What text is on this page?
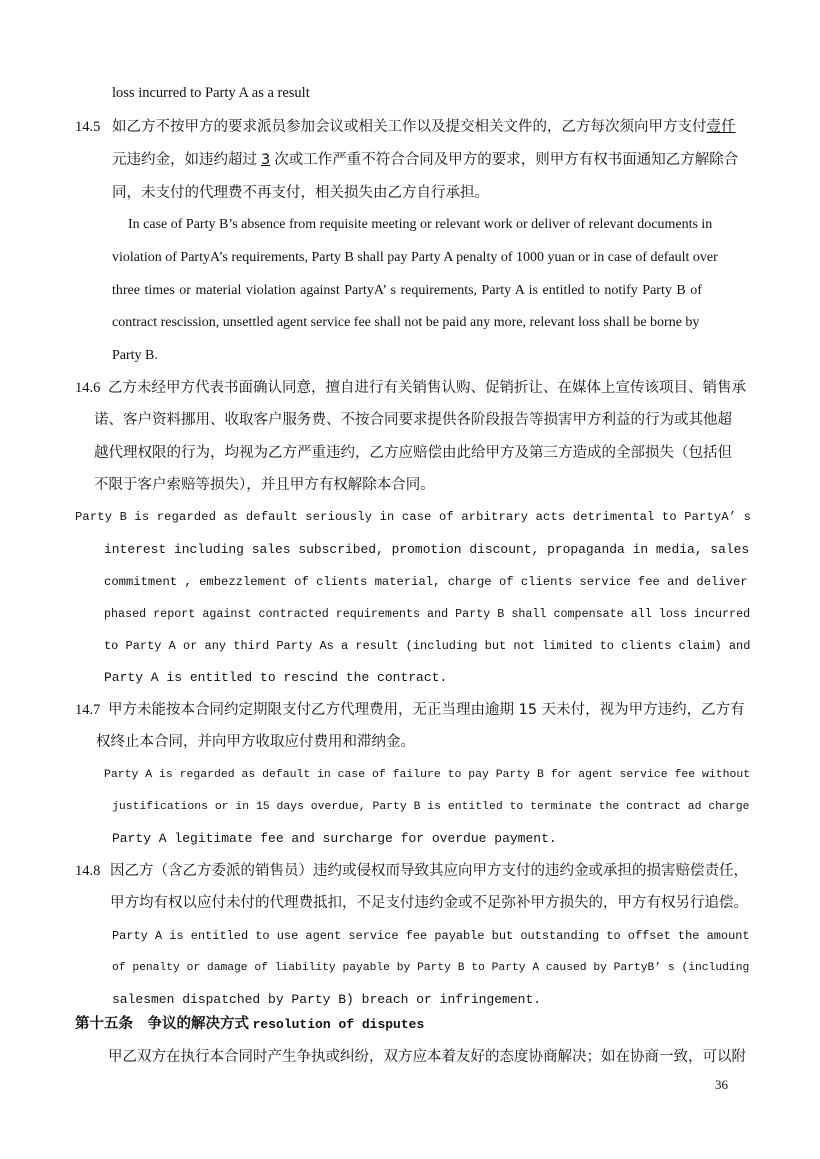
loss incurred to Party A as a result
14.5 如乙方不按甲方的要求派员参加会议或相关工作以及提交相关文件的，乙方每次须向甲方支付壹仟
元违约金，如违约超过 3 次或工作严重不符合合同及甲方的要求，则甲方有权书面通知乙方解除合
同，未支付的代理费不再支付，相关损失由乙方自行承担。
In case of Party B’s absence from requisite meeting or relevant work or deliver of relevant documents in
violation of PartyA’s requirements, Party B shall pay Party A penalty of 1000 yuan or in case of default over
three times or material violation against PartyA’ s requirements, Party A is entitled to notify Party B of
contract rescission, unsettled agent service fee shall not be paid any more, relevant loss shall be borne by
Party B.
14.6 乙方未经甲方代表书面确认同意，擅自进行有关销售认购、促销折让、在媒体上宣传该项目、销售承
诺、客户资料挪用、收取客户服务费、不按合同要求提供各阶段报告等损害甲方利益的行为或其他超
越代理权限的行为，均视为乙方严重违约，乙方应赔偿由此给甲方及第三方造成的全部损失（包括但
不限于客户索赔等损失），并且甲方有权解除本合同。
Party B is regarded as default seriously in case of arbitrary acts detrimental to PartyA’ s
interest including sales subscribed, promotion discount, propaganda in media, sales
commitment , embezzlement of clients material, charge of clients service fee and deliver
phased report against contracted requirements and Party B shall compensate all loss incurred
to Party A or any third Party As a result (including but not limited to clients claim) and
Party A is entitled to rescind the contract.
14.7 甲方未能按本合同约定期限支付乙方代理费用，无正当理由逾期 15 天未付，视为甲方违约，乙方有
权终止本合同，并向甲方收取应付费用和滞纳金。
Party A is regarded as default in case of failure to pay Party B for agent service fee without
justifications or in 15 days overdue, Party B is entitled to terminate the contract ad charge
Party A legitimate fee and surcharge for overdue payment.
14.8 因乙方（含乙方委派的销售员）违约或侵权而导致其应向甲方支付的违约金或承担的损害赔偿责任，
甲方均有权以应付未付的代理费抵扣，不足支付违约金或不足弥补甲方损失的，甲方有权另行追偿。
Party A is entitled to use agent service fee payable but outstanding to offset the amount
of penalty or damage of liability payable by Party B to Party A caused by PartyB’ s (including
salesmen dispatched by Party B) breach or infringement.
第十五条　争议的解决方式 resolution of disputes
甲乙双方在执行本合同时产生争执或纠纷，双方应本着友好的态度协商解决；如在协商一致，可以附
36
